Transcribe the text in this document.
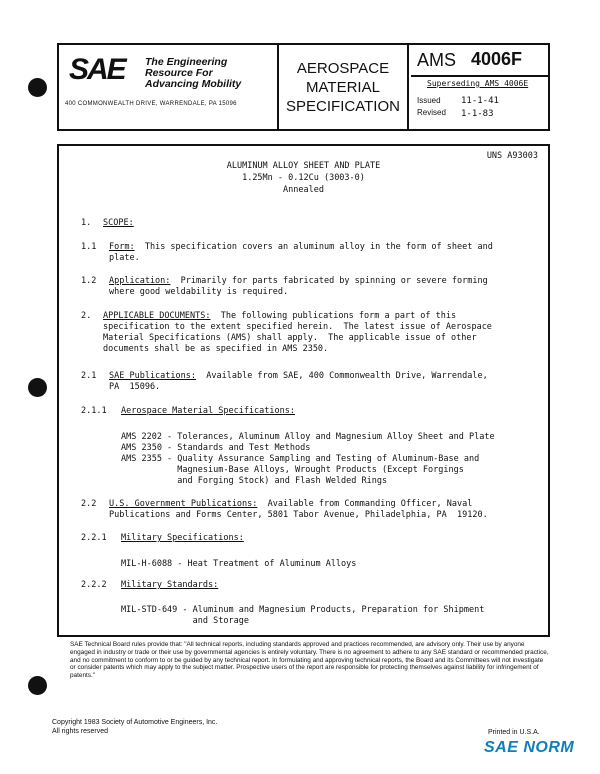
SAE The Engineering
Resource For
Advancing Mobility
400 COMMONWEALTH DRIVE, WARRENDALE, PA 15096
AEROSPACE
MATERIAL
SPECIFICATION
AMS 4006F
Superseding AMS 4006E
Issued
Revised
11-1-41
1-1-83
UNS A93003
ALUMINUM ALLOY SHEET AND PLATE
1.25Mn - 0.12Cu (3003-0)
Annealed
1. SCOPE:
1.1 Form: This specification covers an aluminum alloy in the form of sheet and
plate.
1.2 Application: Primarily for parts fabricated by spinning or severe forming
where good weldability is required.
2. APPLICABLE DOCUMENTS: The following publications form a part of this
specification to the extent specified herein.  The latest issue of Aerospace
Material Specifications (AMS) shall apply.  The applicable issue of other
documents shall be as specified in AMS 2350.
2.1 SAE Publications: Available from SAE, 400 Commonwealth Drive, Warrendale,
PA  15096.
2.1.1 Aerospace Material Specifications:
AMS 2202 - Tolerances, Aluminum Alloy and Magnesium Alloy Sheet and Plate
AMS 2350 - Standards and Test Methods
AMS 2355 - Quality Assurance Sampling and Testing of Aluminum-Base and
Magnesium-Base Alloys, Wrought Products (Except Forgings
and Forging Stock) and Flash Welded Rings
2.2 U.S. Government Publications: Available from Commanding Officer, Naval
Publications and Forms Center, 5801 Tabor Avenue, Philadelphia, PA  19120.
2.2.1 Military Specifications:
MIL-H-6088 - Heat Treatment of Aluminum Alloys
2.2.2 Military Standards:
MIL-STD-649 - Aluminum and Magnesium Products, Preparation for Shipment
and Storage
SAE Technical Board rules provide that: "All technical reports, including standards approved and practices recommended, are advisory only. Their use by anyone engaged in industry or trade or their use by governmental agencies is entirely voluntary. There is no agreement to adhere to any SAE standard or recommended practice, and no commitment to conform to or be guided by any technical report. In formulating and approving technical reports, the Board and its Committees will not investigate or consider patents which may apply to the subject matter. Prospective users of the report are responsible for protecting themselves against liability for infringement of patents."
Copyright 1983 Society of Automotive Engineers, Inc.
All rights reserved	Printed in U.S.A.
SAE NORM
